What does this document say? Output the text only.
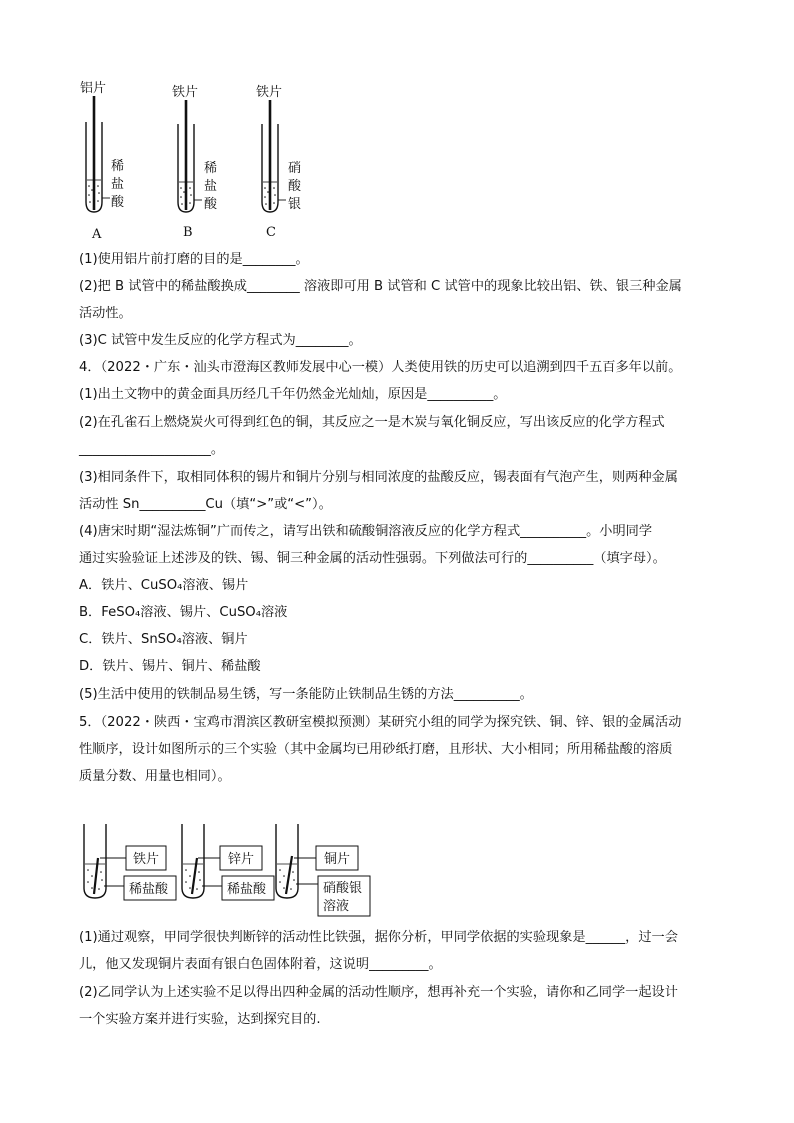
铝片
稀
盐
酸
A
铁片
稀
盐
酸
B
铁片
硝
酸
银
C
(1)使用铝片前打磨的目的是________。
(2)把 B 试管中的稀盐酸换成________ 溶液即可用 B 试管和 C 试管中的现象比较出铝、铁、银三种金属
活动性。
(3)C 试管中发生反应的化学方程式为________。
4．（2022・广东・汕头市澄海区教师发展中心一模）人类使用铁的历史可以追溯到四千五百多年以前。
(1)出土文物中的黄金面具历经几千年仍然金光灿灿，原因是__________。
(2)在孔雀石上燃烧炭火可得到红色的铜，其反应之一是木炭与氧化铜反应，写出该反应的化学方程式
____________________。
(3)相同条件下，取相同体积的锡片和铜片分别与相同浓度的盐酸反应，锡表面有气泡产生，则两种金属
活动性 Sn__________Cu（填“>”或“<”）。
(4)唐宋时期“湿法炼铜”广而传之，请写出铁和硫酸铜溶液反应的化学方程式__________。小明同学
通过实验验证上述涉及的铁、锡、铜三种金属的活动性强弱。下列做法可行的__________（填字母）。
A．铁片、CuSO₄溶液、锡片
B．FeSO₄溶液、锡片、CuSO₄溶液
C．铁片、SnSO₄溶液、铜片
D．铁片、锡片、铜片、稀盐酸
(5)生活中使用的铁制品易生锈，写一条能防止铁制品生锈的方法__________。
5．（2022・陕西・宝鸡市渭滨区教研室模拟预测）某研究小组的同学为探究铁、铜、锌、银的金属活动
性顺序，设计如图所示的三个实验（其中金属均已用砂纸打磨，且形状、大小相同；所用稀盐酸的溶质
质量分数、用量也相同）。
铁片
稀盐酸
锌片
稀盐酸
铜片
硝酸银
溶液
(1)通过观察，甲同学很快判断锌的活动性比铁强，据你分析，甲同学依据的实验现象是______，过一会
儿，他又发现铜片表面有银白色固体附着，这说明_________。
(2)乙同学认为上述实验不足以得出四种金属的活动性顺序，想再补充一个实验，请你和乙同学一起设计
一个实验方案并进行实验，达到探究目的.
